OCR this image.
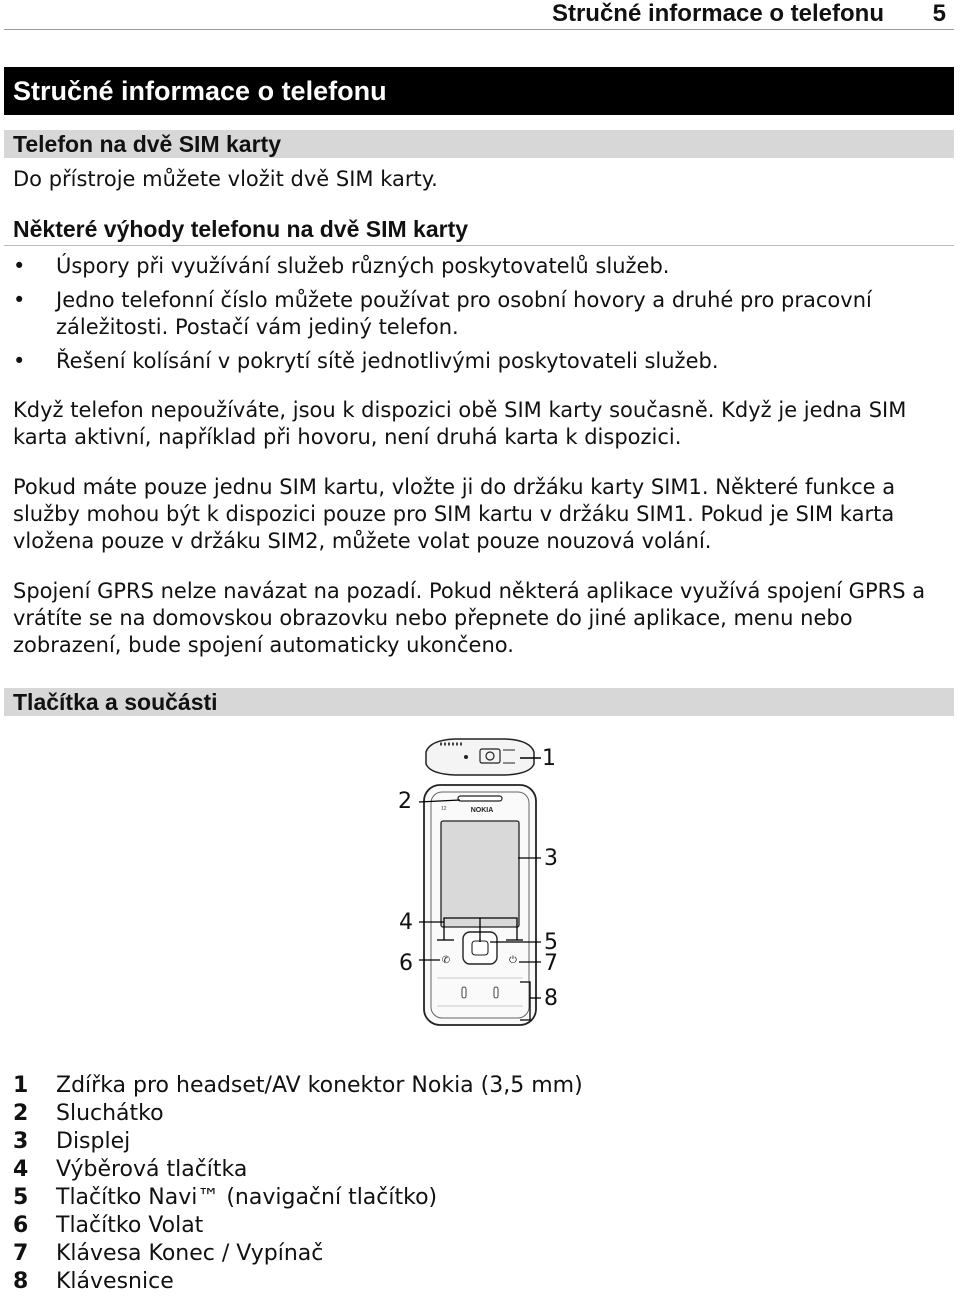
Stručné informace o telefonu 5
Stručné informace o telefonu
Telefon na dvě SIM karty

Do přístroje můžete vložit dvě SIM karty.

Některé výhody telefonu na dvě SIM karty
• Úspory při využívání služeb různých poskytovatelů služeb.
• Jedno telefonní číslo můžete používat pro osobní hovory a druhé pro pracovní záležitosti. Postačí vám jediný telefon.
• Řešení kolísání v pokrytí sítě jednotlivými poskytovateli služeb.

Když telefon nepoužíváte, jsou k dispozici obě SIM karty současně. Když je jedna SIM karta aktivní, například při hovoru, není druhá karta k dispozici.

Pokud máte pouze jednu SIM kartu, vložte ji do držáku karty SIM1. Některé funkce a služby mohou být k dispozici pouze pro SIM kartu v držáku SIM1. Pokud je SIM karta vložena pouze v držáku SIM2, můžete volat pouze nouzová volání.

Spojení GPRS nelze navázat na pozadí. Pokud některá aplikace využívá spojení GPRS a vrátíte se na domovskou obrazovku nebo přepnete do jiné aplikace, menu nebo zobrazení, bude spojení automaticky ukončeno.

Tlačítka a součásti
NOKIA
12
✆	⏻
1
2
3
4
5
6	7
8
1 Zdířka pro headset/AV konektor Nokia (3,5 mm)
2 Sluchátko
3 Displej
4 Výběrová tlačítka
5 Tlačítko Navi™ (navigační tlačítko)
6 Tlačítko Volat
7 Klávesa Konec / Vypínač
8 Klávesnice
